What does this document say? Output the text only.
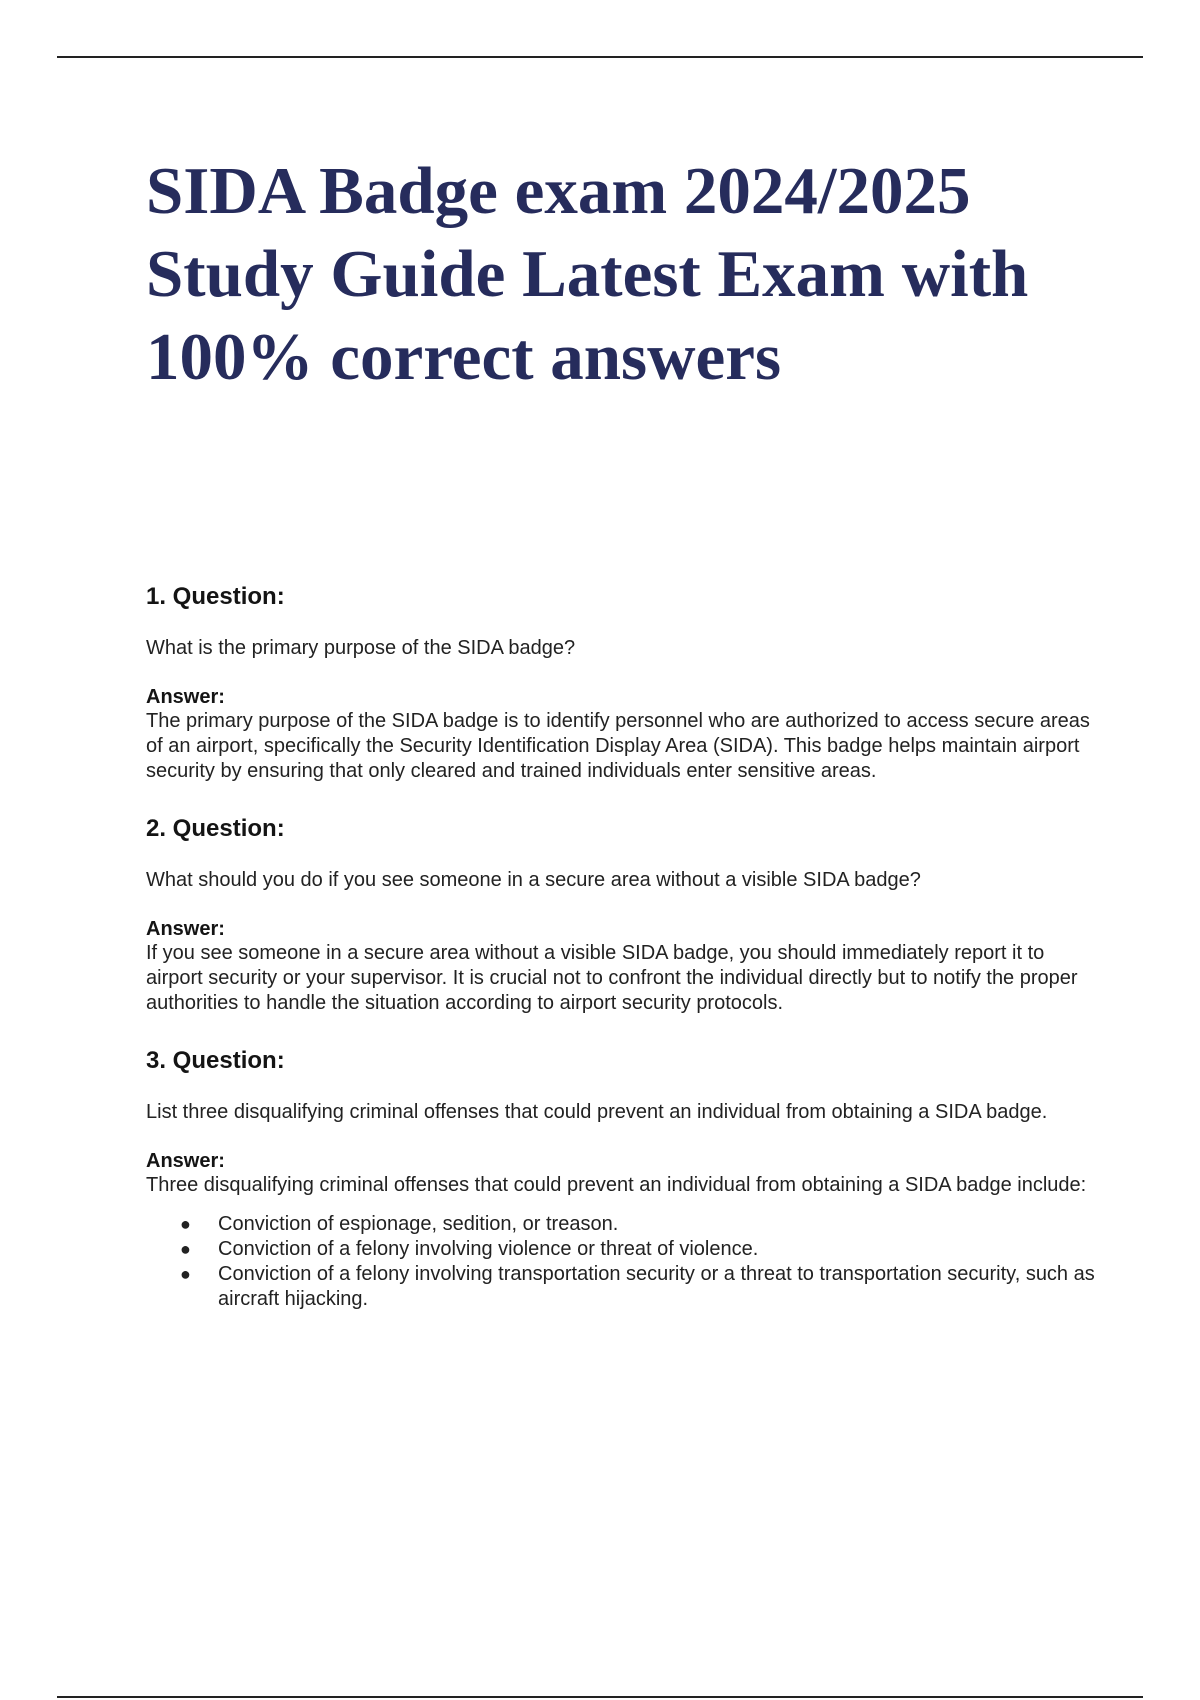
SIDA Badge exam 2024/2025 Study Guide Latest Exam with 100% correct answers

1. Question:

What is the primary purpose of the SIDA badge?

Answer:

The primary purpose of the SIDA badge is to identify personnel who are authorized to access secure areas of an airport, specifically the Security Identification Display Area (SIDA). This badge helps maintain airport security by ensuring that only cleared and trained individuals enter sensitive areas.

2. Question:

What should you do if you see someone in a secure area without a visible SIDA badge?

Answer:

If you see someone in a secure area without a visible SIDA badge, you should immediately report it to airport security or your supervisor. It is crucial not to confront the individual directly but to notify the proper authorities to handle the situation according to airport security protocols.

3. Question:

List three disqualifying criminal offenses that could prevent an individual from obtaining a SIDA badge.

Answer:

Three disqualifying criminal offenses that could prevent an individual from obtaining a SIDA badge include:

● Conviction of espionage, sedition, or treason.
● Conviction of a felony involving violence or threat of violence.
● Conviction of a felony involving transportation security or a threat to transportation security, such as aircraft hijacking.
